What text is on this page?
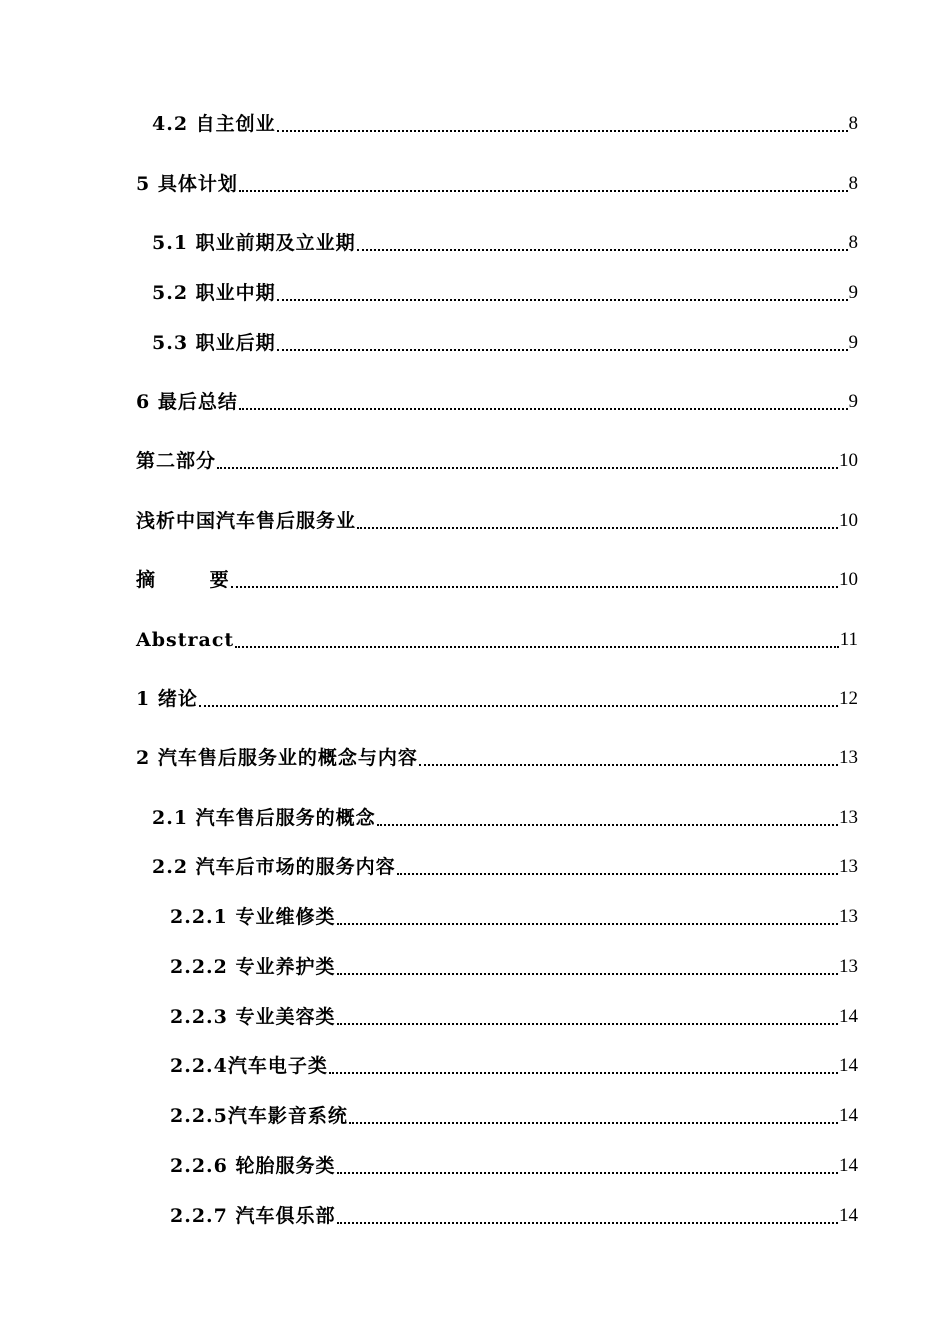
4.2 自主创业	8
5 具体计划	8
5.1 职业前期及立业期	8
5.2 职业中期	9
5.3 职业后期	9
6 最后总结	9
第二部分	10
浅析中国汽车售后服务业	10
摘 要	10
Abstract	11
1 绪论	12
2 汽车售后服务业的概念与内容	13
2.1 汽车售后服务的概念	13
2.2 汽车后市场的服务内容	13
2.2.1 专业维修类	13
2.2.2 专业养护类	13
2.2.3 专业美容类	14
2.2.4汽车电子类	14
2.2.5汽车影音系统	14
2.2.6 轮胎服务类	14
2.2.7 汽车俱乐部	14
